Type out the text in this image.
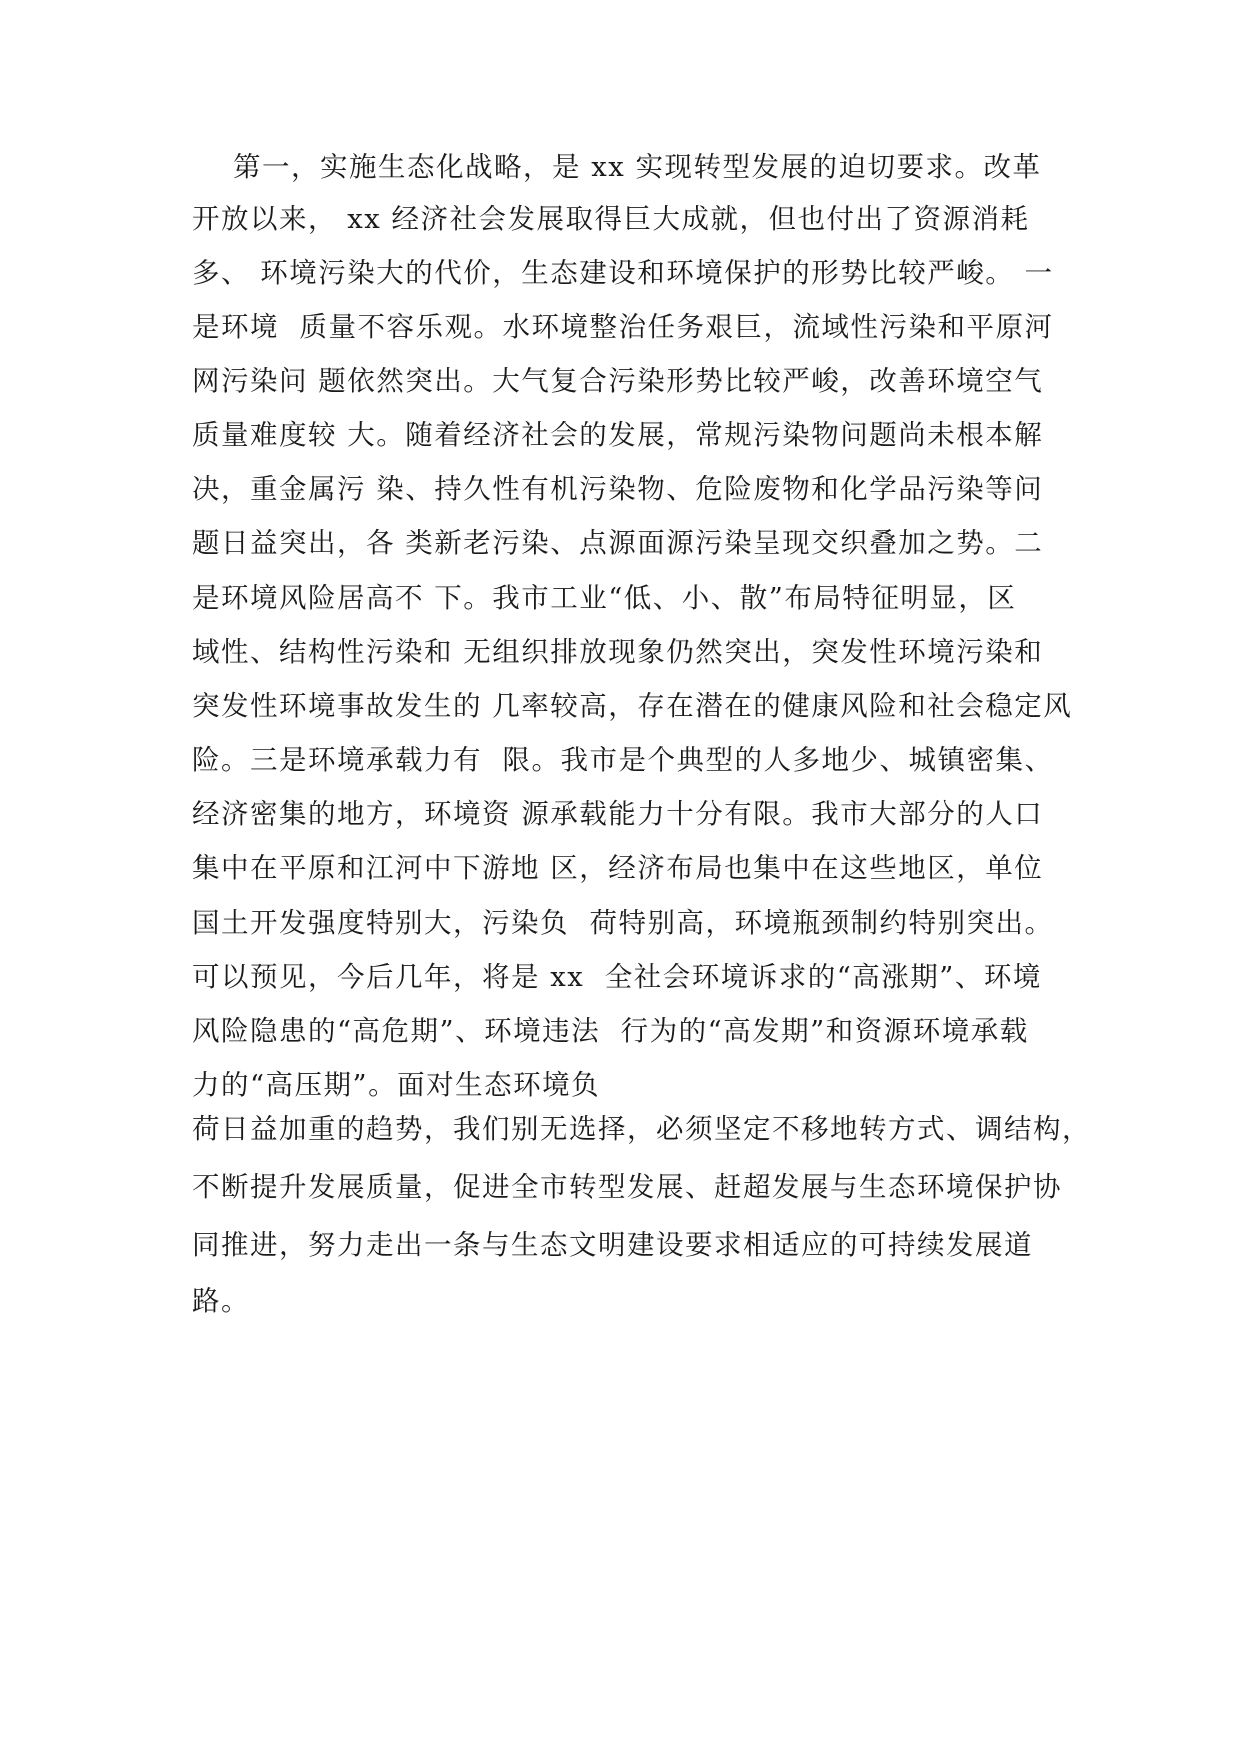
第一，实施生态化战略，是 xx 实现转型发展的迫切要求。改革

开放以来， xx 经济社会发展取得巨大成就，但也付出了资源消耗

多、 环境污染大的代价，生态建设和环境保护的形势比较严峻。 一

是环境  质量不容乐观。水环境整治任务艰巨，流域性污染和平原河

网污染问 题依然突出。大气复合污染形势比较严峻，改善环境空气

质量难度较 大。随着经济社会的发展，常规污染物问题尚未根本解

决，重金属污 染、持久性有机污染物、危险废物和化学品污染等问

题日益突出，各 类新老污染、点源面源污染呈现交织叠加之势。二

是环境风险居高不 下。我市工业“低、小、散”布局特征明显，区

域性、结构性污染和 无组织排放现象仍然突出，突发性环境污染和

突发性环境事故发生的 几率较高，存在潜在的健康风险和社会稳定风

险。三是环境承载力有  限。我市是个典型的人多地少、城镇密集、

经济密集的地方，环境资 源承载能力十分有限。我市大部分的人口

集中在平原和江河中下游地 区，经济布局也集中在这些地区，单位

国土开发强度特别大，污染负  荷特别高，环境瓶颈制约特别突出。

可以预见，今后几年，将是 xx  全社会环境诉求的“高涨期”、环境

风险隐患的“高危期”、环境违法  行为的“高发期”和资源环境承载

力的“高压期”。面对生态环境负

荷日益加重的趋势，我们别无选择，必须坚定不移地转方式、调结构，

不断提升发展质量，促进全市转型发展、赶超发展与生态环境保护协

同推进，努力走出一条与生态文明建设要求相适应的可持续发展道

路。
